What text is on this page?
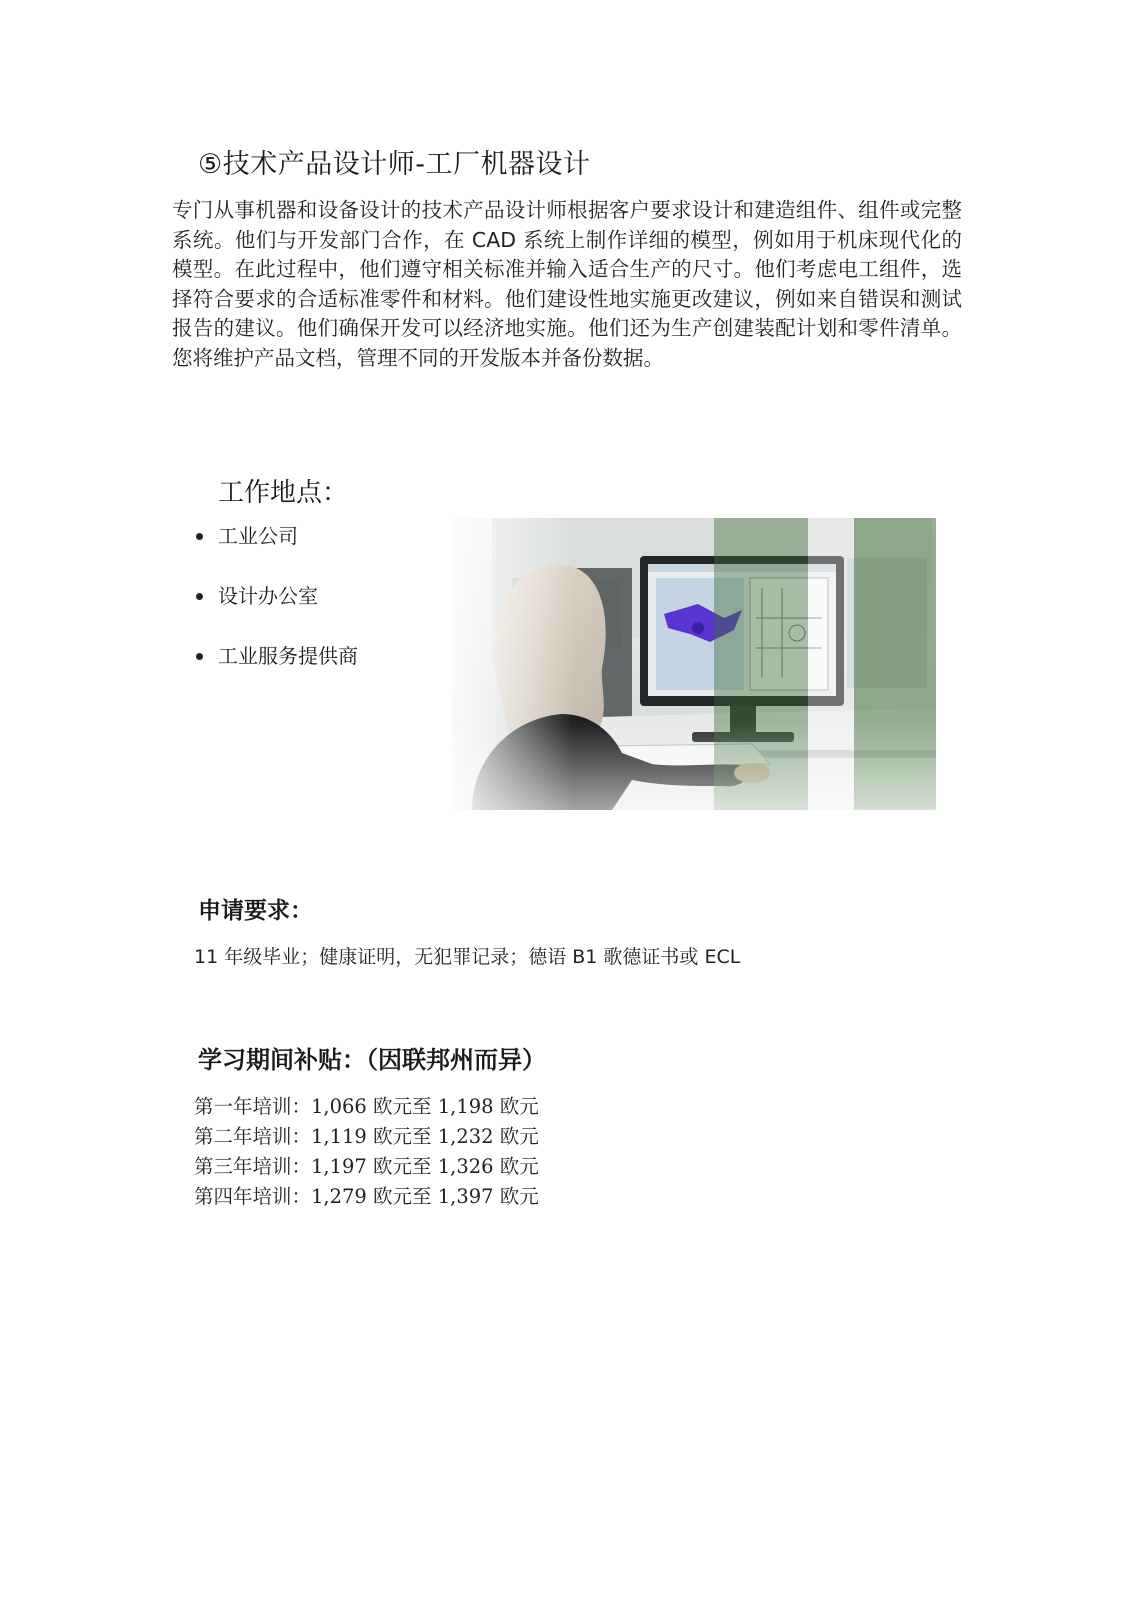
⑤技术产品设计师-工厂机器设计
专门从事机器和设备设计的技术产品设计师根据客户要求设计和建造组件、组件或完整系统。他们与开发部门合作，在 CAD 系统上制作详细的模型，例如用于机床现代化的模型。在此过程中，他们遵守相关标准并输入适合生产的尺寸。他们考虑电工组件，选择符合要求的合适标准零件和材料。他们建设性地实施更改建议，例如来自错误和测试报告的建议。他们确保开发可以经济地实施。他们还为生产创建装配计划和零件清单。您将维护产品文档，管理不同的开发版本并备份数据。
工作地点：
工业公司
设计办公室
工业服务提供商
申请要求：
11 年级毕业；健康证明，无犯罪记录；德语 B1 歌德证书或 ECL
学习期间补贴：（因联邦州而异）
第一年培训：1,066 欧元至 1,198 欧元
第二年培训：1,119 欧元至 1,232 欧元
第三年培训：1,197 欧元至 1,326 欧元
第四年培训：1,279 欧元至 1,397 欧元
